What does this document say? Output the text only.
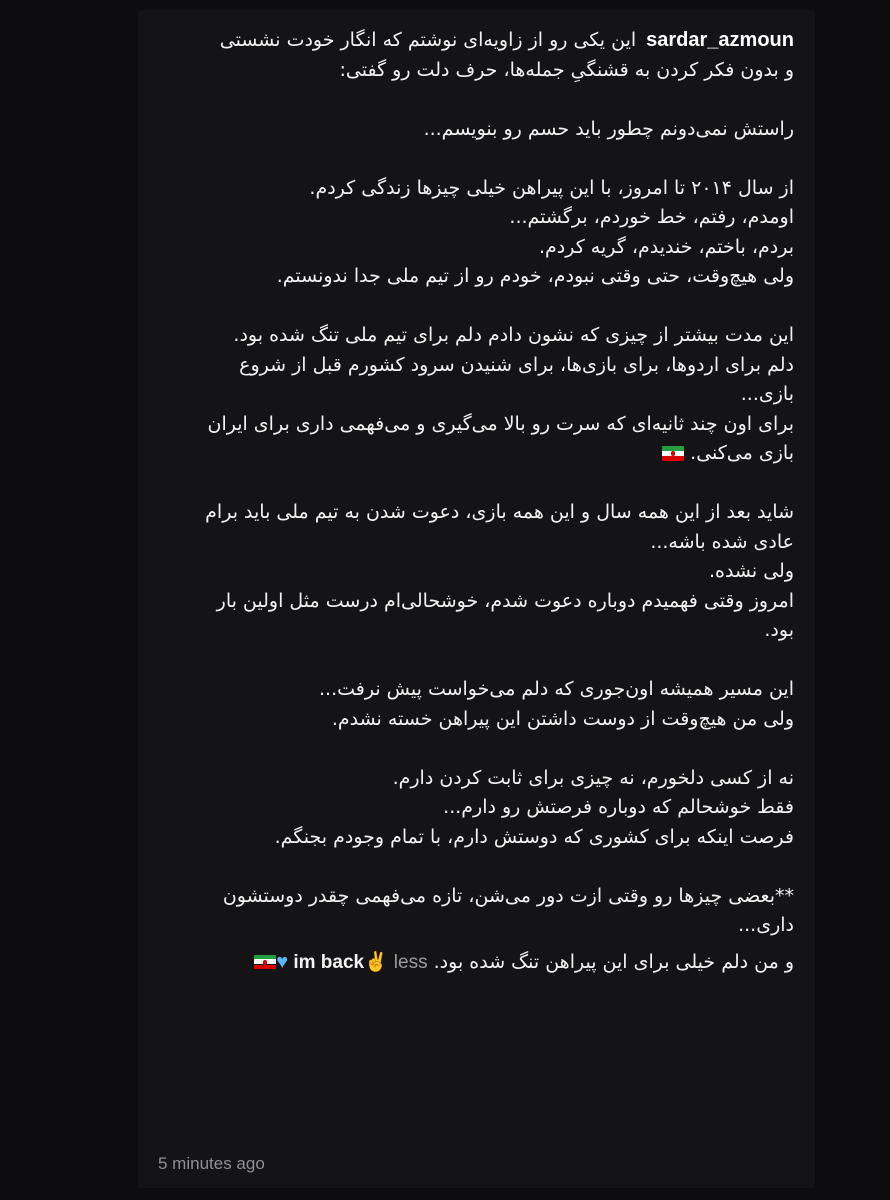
sardar_azmounاین یکی رو از زاویه‌ای نوشتم که انگار خودت نشستی
و بدون فکر کردن به قشنگیِ جمله‌ها، حرف دلت رو گفتی:
راستش نمی‌دونم چطور باید حسم رو بنویسم...
از سال ۲۰۱۴ تا امروز، با این پیراهن خیلی چیزها زندگی کردم.
اومدم، رفتم، خط خوردم، برگشتم...
بردم، باختم، خندیدم، گریه کردم.
ولی هیچ‌وقت، حتی وقتی نبودم، خودم رو از تیم ملی جدا ندونستم.
این مدت بیشتر از چیزی که نشون دادم دلم برای تیم ملی تنگ شده بود.
دلم برای اردوها، برای بازی‌ها، برای شنیدن سرود کشورم قبل از شروع
بازی...
برای اون چند ثانیه‌ای که سرت رو بالا می‌گیری و می‌فهمی داری برای ایران
بازی می‌کنی.
شاید بعد از این همه سال و این همه بازی، دعوت شدن به تیم ملی باید برام
عادی شده باشه...
ولی نشده.
امروز وقتی فهمیدم دوباره دعوت شدم، خوشحالی‌ام درست مثل اولین بار
بود.
این مسیر همیشه اون‌جوری که دلم می‌خواست پیش نرفت...
ولی من هیچ‌وقت از دوست داشتن این پیراهن خسته نشدم.
نه از کسی دلخورم، نه چیزی برای ثابت کردن دارم.
فقط خوشحالم که دوباره فرصتش رو دارم...
فرصت اینکه برای کشوری که دوستش دارم، با تمام وجودم بجنگم.
**بعضی چیزها رو وقتی ازت دور می‌شن، تازه می‌فهمی چقدر دوستشون
داری...
و من دلم خیلی برای این پیراهن تنگ شده بود. less
♥ im back✌
5 minutes ago
